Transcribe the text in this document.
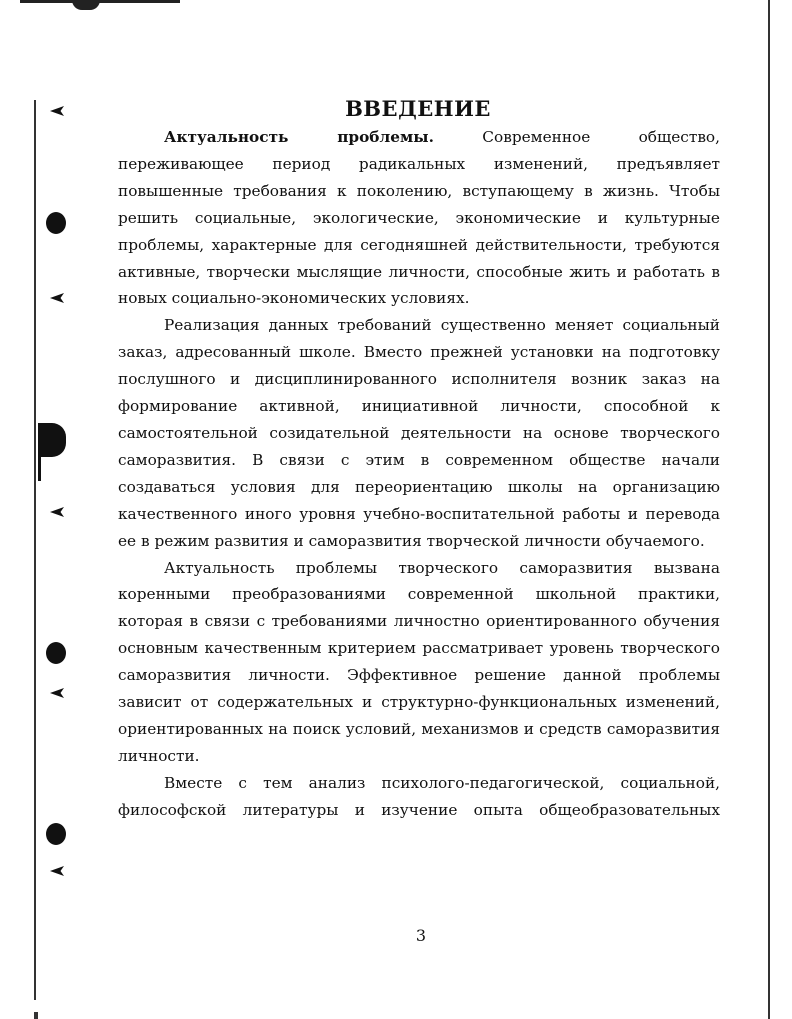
ВВЕДЕНИЕ

Актуальность проблемы. Современное общество, переживающее период радикальных изменений, предъявляет повышенные требования к поколению, вступающему в жизнь. Чтобы решить социальные, экологические, экономические и культурные проблемы, характерные для сегодняшней действительности, требуются активные, творчески мыслящие личности, способные жить и работать в новых социально-экономических условиях.

Реализация данных требований существенно меняет социальный заказ, адресованный школе. Вместо прежней установки на подготовку послушного и дисциплинированного исполнителя возник заказ на формирование активной, инициативной личности, способной к самостоятельной созидательной деятельности на основе творческого саморазвития. В связи с этим в современном обществе начали создаваться условия для переориентацию школы на организацию качественного иного уровня учебно-воспитательной работы и перевода ее в режим развития и саморазвития творческой личности обучаемого.

Актуальность проблемы творческого саморазвития вызвана коренными преобразованиями современной школьной практики, которая в связи с требованиями личностно ориентированного обучения основным качественным критерием рассматривает уровень творческого саморазвития личности. Эффективное решение данной проблемы зависит от содержательных и структурно-функциональных изменений, ориентированных на поиск условий, механизмов и средств саморазвития личности.

Вместе с тем анализ психолого-педагогической, социальной, философской литературы и изучение опыта общеобразовательных

3
